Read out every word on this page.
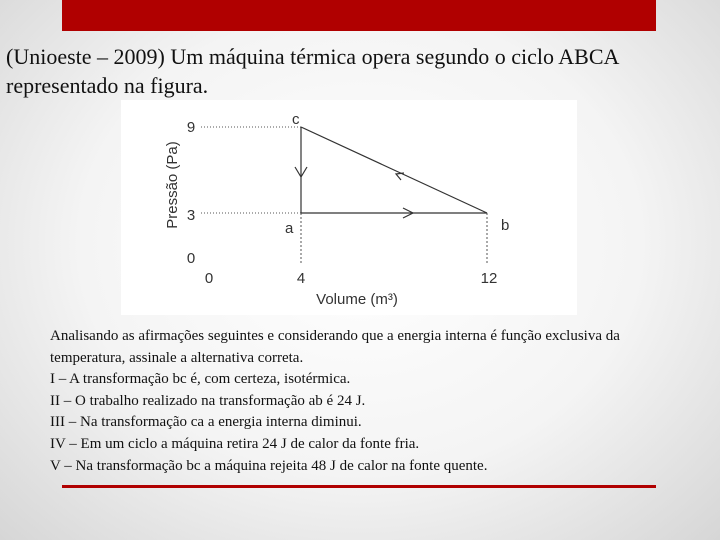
(Unioeste – 2009) Um máquina térmica opera segundo o ciclo ABCA representado na figura.
Pressão (Pa)
9
3
0
c
a	b
0	4	12
Volume (m³)

Analisando as afirmações seguintes e considerando que a energia interna é função exclusiva da temperatura, assinale a alternativa correta.

I – A transformação bc é, com certeza, isotérmica.

II – O trabalho realizado na transformação ab é 24 J.

III – Na transformação ca a energia interna diminui.

IV – Em um ciclo a máquina retira 24 J de calor da fonte fria.

V – Na transformação bc a máquina rejeita 48 J de calor na fonte quente.
